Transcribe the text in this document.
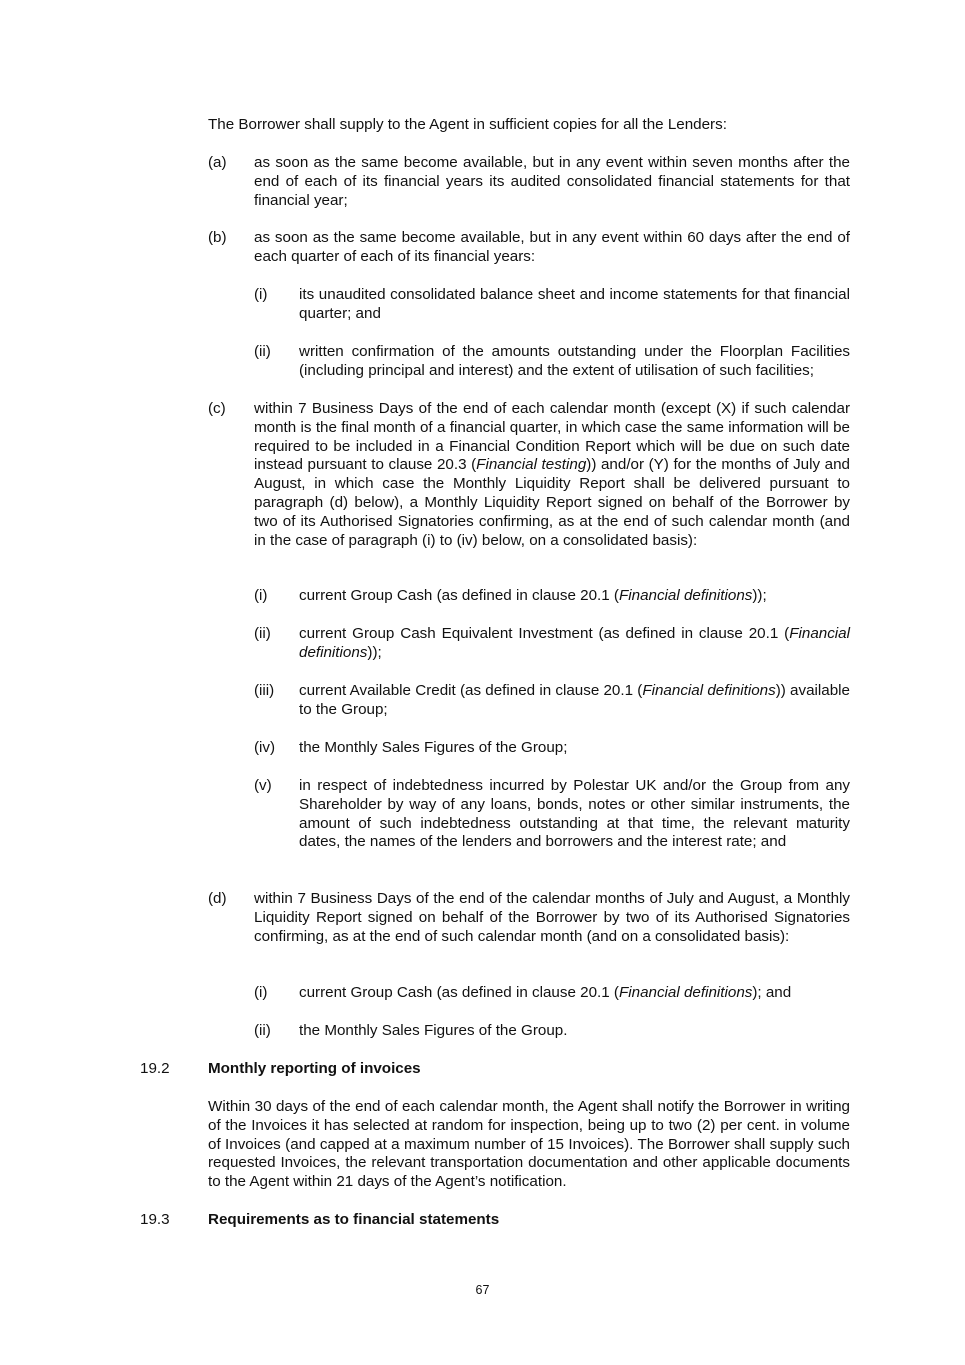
The Borrower shall supply to the Agent in sufficient copies for all the Lenders:
(a) as soon as the same become available, but in any event within seven months after the end of each of its financial years its audited consolidated financial statements for that financial year;
(b) as soon as the same become available, but in any event within 60 days after the end of each quarter of each of its financial years:
(i) its unaudited consolidated balance sheet and income statements for that financial quarter; and
(ii) written confirmation of the amounts outstanding under the Floorplan Facilities (including principal and interest) and the extent of utilisation of such facilities;
(c) within 7 Business Days of the end of each calendar month (except (X) if such calendar month is the final month of a financial quarter, in which case the same information will be required to be included in a Financial Condition Report which will be due on such date instead pursuant to clause 20.3 (Financial testing)) and/or (Y) for the months of July and August, in which case the Monthly Liquidity Report shall be delivered pursuant to paragraph (d) below), a Monthly Liquidity Report signed on behalf of the Borrower by two of its Authorised Signatories confirming, as at the end of such calendar month (and in the case of paragraph (i) to (iv) below, on a consolidated basis):
(i) current Group Cash (as defined in clause 20.1 (Financial definitions));
(ii) current Group Cash Equivalent Investment (as defined in clause 20.1 (Financial definitions));
(iii) current Available Credit (as defined in clause 20.1 (Financial definitions)) available to the Group;
(iv) the Monthly Sales Figures of the Group;
(v) in respect of indebtedness incurred by Polestar UK and/or the Group from any Shareholder by way of any loans, bonds, notes or other similar instruments, the amount of such indebtedness outstanding at that time, the relevant maturity dates, the names of the lenders and borrowers and the interest rate; and
(d) within 7 Business Days of the end of the calendar months of July and August, a Monthly Liquidity Report signed on behalf of the Borrower by two of its Authorised Signatories confirming, as at the end of such calendar month (and on a consolidated basis):
(i) current Group Cash (as defined in clause 20.1 (Financial definitions); and
(ii) the Monthly Sales Figures of the Group.
19.2	Monthly reporting of invoices
Within 30 days of the end of each calendar month, the Agent shall notify the Borrower in writing of the Invoices it has selected at random for inspection, being up to two (2) per cent. in volume of Invoices (and capped at a maximum number of 15 Invoices). The Borrower shall supply such requested Invoices, the relevant transportation documentation and other applicable documents to the Agent within 21 days of the Agent’s notification.
19.3	Requirements as to financial statements
67
